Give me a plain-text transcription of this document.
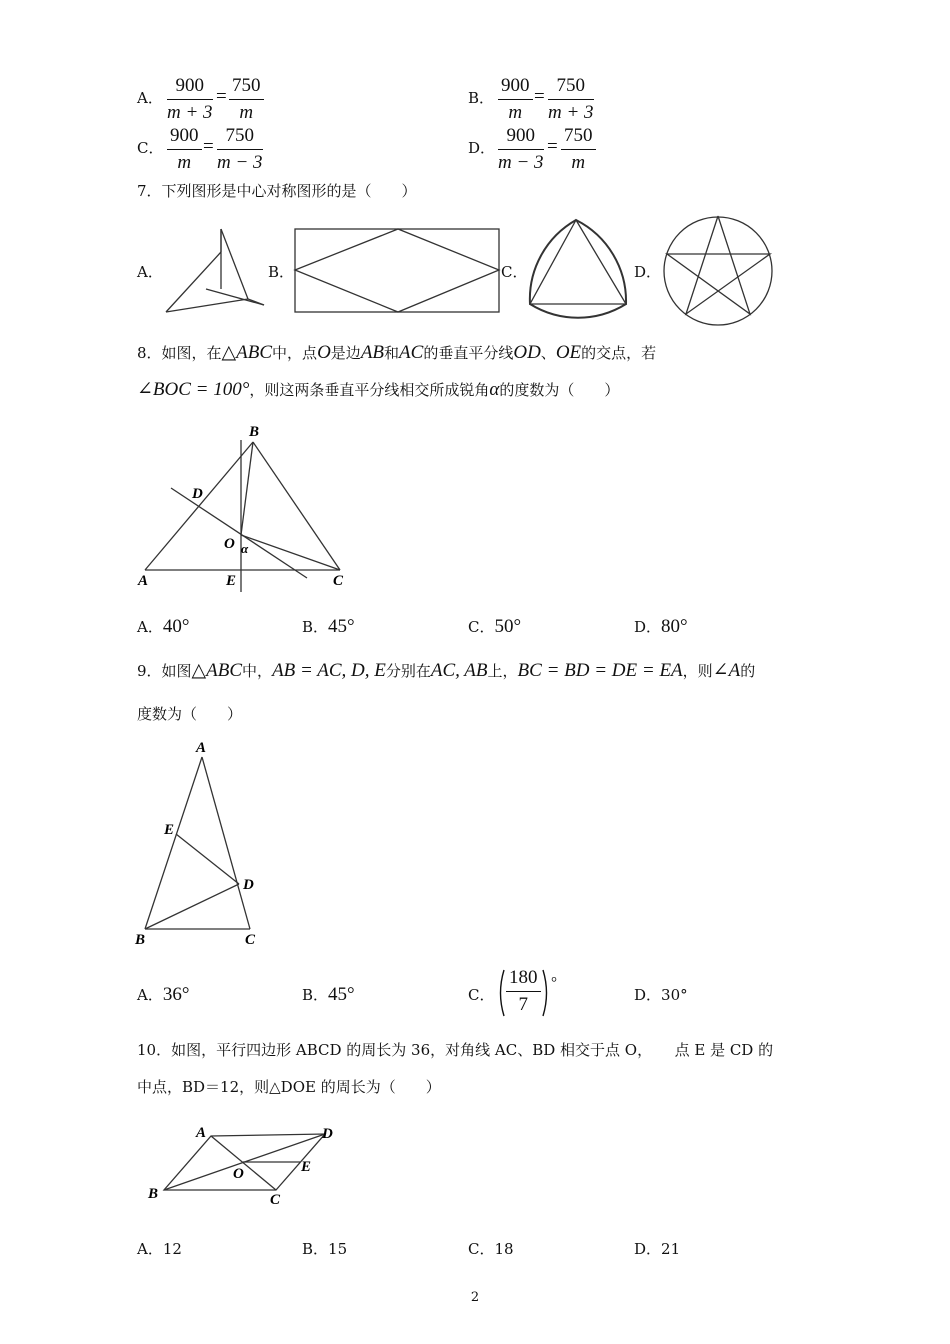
A． $\frac{900}{m + 3} = \frac{750}{m}$	B． $\frac{900}{m} = \frac{750}{m + 3}$
C． $\frac{900}{m} = \frac{750}{m - 3}$	D． $\frac{900}{m - 3} = \frac{750}{m}$
7．下列图形是中心对称图形的是（　　）
A．	B．	C．	D．
8．如图，在△ABC中，点O是边AB和AC的垂直平分线OD、OE的交点，若
∠BOC = 100°，则这两条垂直平分线相交所成锐角α的度数为（　　）
B
D
O α
A	E	C
A．40°	B．45°	C．50°	D．80°
9．如图△ABC中，AB = AC, D, E分别在AC, AB上，BC = BD = DE = EA，则∠A的
度数为（　　）
A
E
D
B	C
A．36°	B．45°	C． $\frac{180}{7}$ °
D．30°
10．如图，平行四边形 ABCD 的周长为 36，对角线 AC、BD 相交于点 O，　　点 E 是 CD 的
中点，BD＝12，则△DOE 的周长为（　　）
A	D
O	E
B	C
A．12	B．15	C．18	D．21
2
